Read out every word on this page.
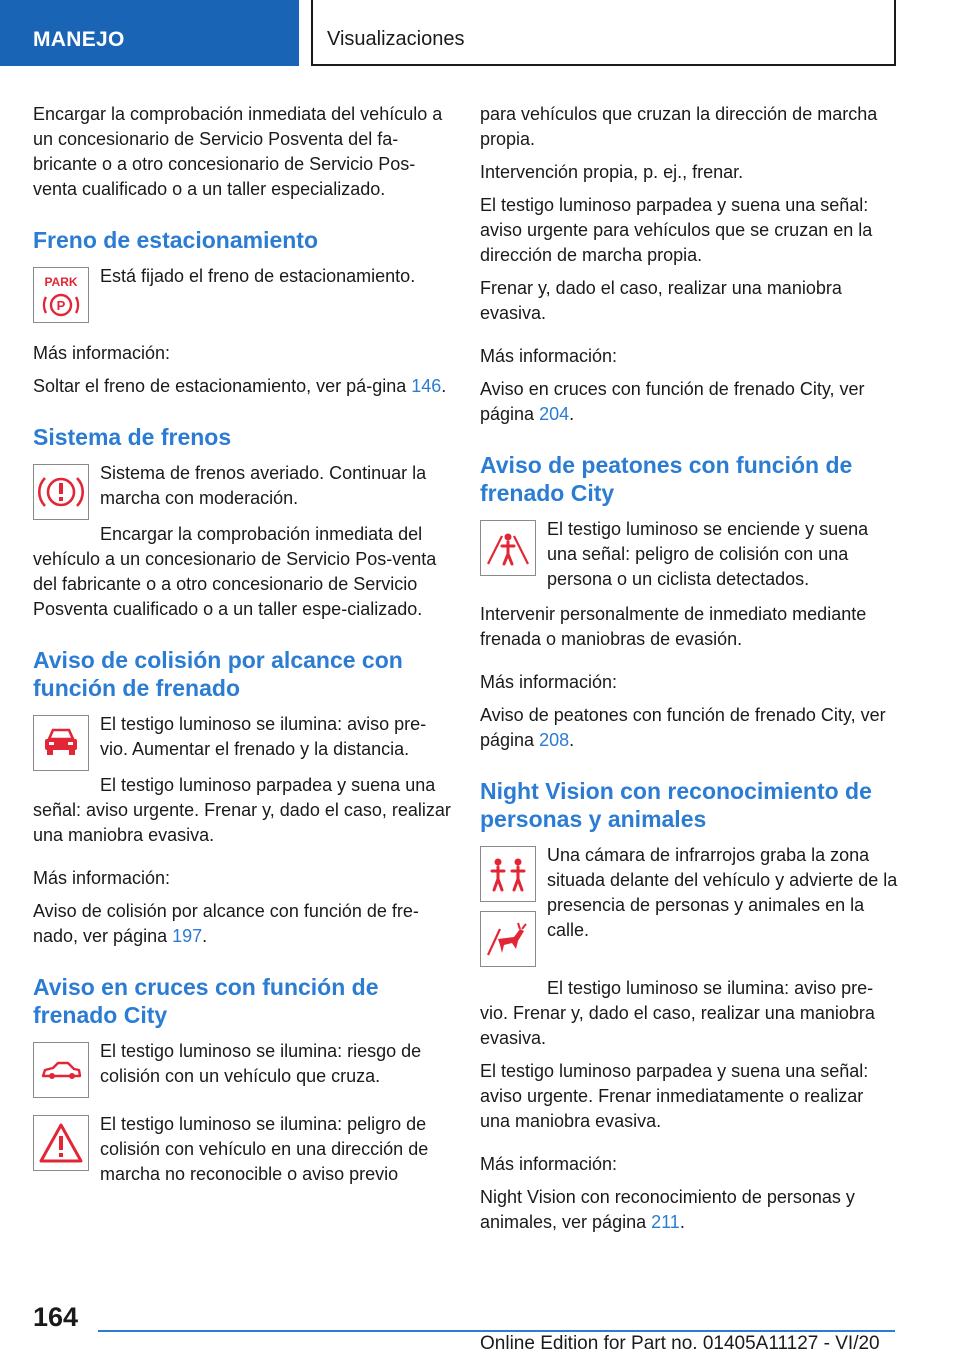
MANEJO	Visualizaciones

Encargar la comprobación inmediata del vehículo a un concesionario de Servicio Posventa del fa-bricante o a otro concesionario de Servicio Pos-venta cualificado o a un taller especializado.

Freno de estacionamiento
PARK
P

Está fijado el freno de estacionamiento.

Más información:

Soltar el freno de estacionamiento, ver pá-gina 146.

Sistema de frenos

Sistema de frenos averiado. Continuar la marcha con moderación.

Encargar la comprobación inmediata del vehículo a un concesionario de Servicio Pos-venta del fabricante o a otro concesionario de Servicio Posventa cualificado o a un taller espe-cializado.

Aviso de colisión por alcance con función de frenado

El testigo luminoso se ilumina: aviso pre-vio. Aumentar el frenado y la distancia.

El testigo luminoso parpadea y suena una señal: aviso urgente. Frenar y, dado el caso, realizar una maniobra evasiva.

Más información:

Aviso de colisión por alcance con función de fre-nado, ver página 197.

Aviso en cruces con función de frenado City

El testigo luminoso se ilumina: riesgo de colisión con un vehículo que cruza.

El testigo luminoso se ilumina: peligro de colisión con vehículo en una dirección de marcha no reconocible o aviso previo

para vehículos que cruzan la dirección de marcha propia.

Intervención propia, p. ej., frenar.

El testigo luminoso parpadea y suena una señal: aviso urgente para vehículos que se cruzan en la dirección de marcha propia.

Frenar y, dado el caso, realizar una maniobra evasiva.

Más información:

Aviso en cruces con función de frenado City, ver página 204.

Aviso de peatones con función de frenado City

El testigo luminoso se enciende y suena una señal: peligro de colisión con una persona o un ciclista detectados.

Intervenir personalmente de inmediato mediante frenada o maniobras de evasión.

Más información:

Aviso de peatones con función de frenado City, ver página 208.

Night Vision con reconocimiento de personas y animales

Una cámara de infrarrojos graba la zona situada delante del vehículo y advierte de la presencia de personas y animales en la calle.

El testigo luminoso se ilumina: aviso pre-vio. Frenar y, dado el caso, realizar una maniobra evasiva.

El testigo luminoso parpadea y suena una señal: aviso urgente. Frenar inmediatamente o realizar una maniobra evasiva.

Más información:

Night Vision con reconocimiento de personas y animales, ver página 211.

164
Online Edition for Part no. 01405A11127 - VI/20
